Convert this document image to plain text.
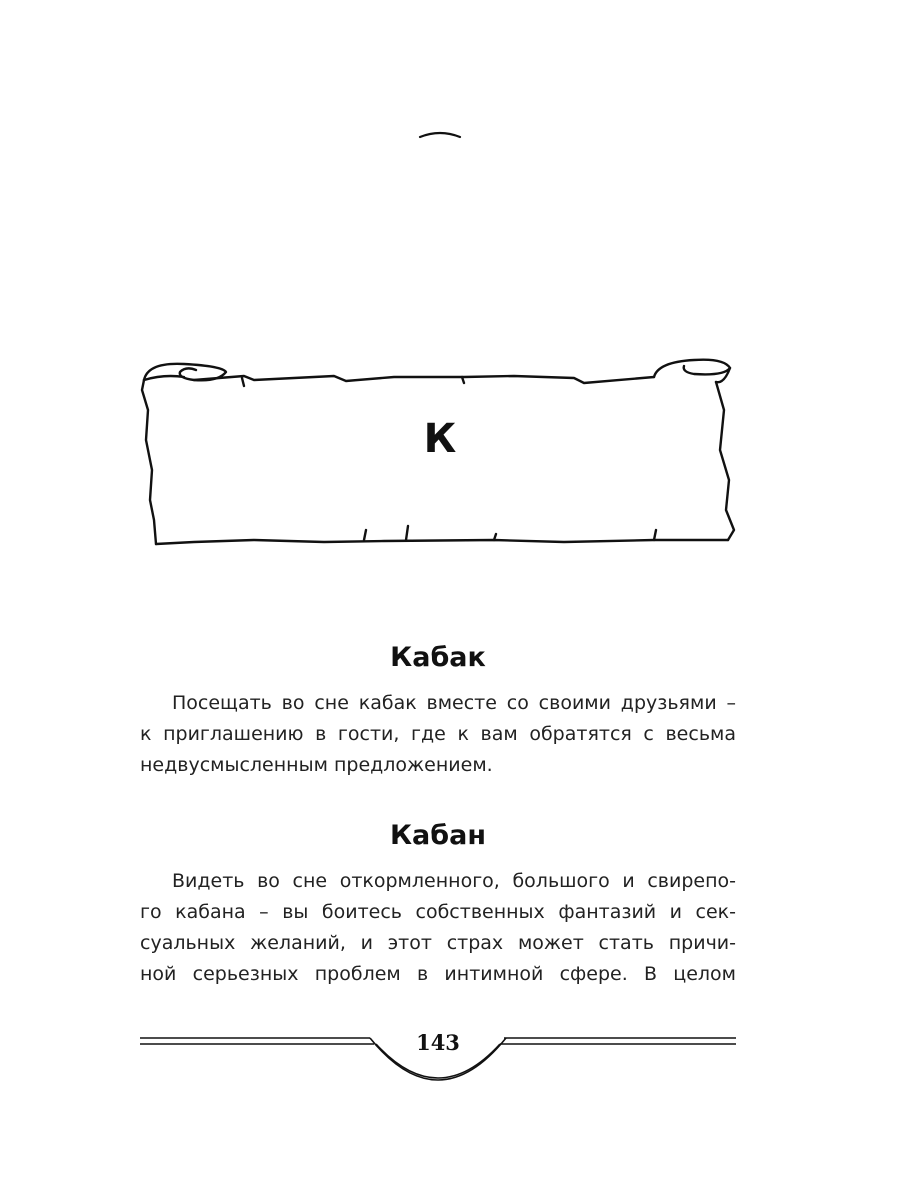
К
Кабак
Посещать во сне кабак вместе со своими друзьями –
к приглашению в гости, где к вам обратятся с весьма
недвусмысленным предложением.
Кабан
Видеть во сне откормленного, большого и свирепо-
го кабана – вы боитесь собственных фантазий и сек-
суальных желаний, и этот страх может стать причи-
ной серьезных проблем в интимной сфере. В целом
143
